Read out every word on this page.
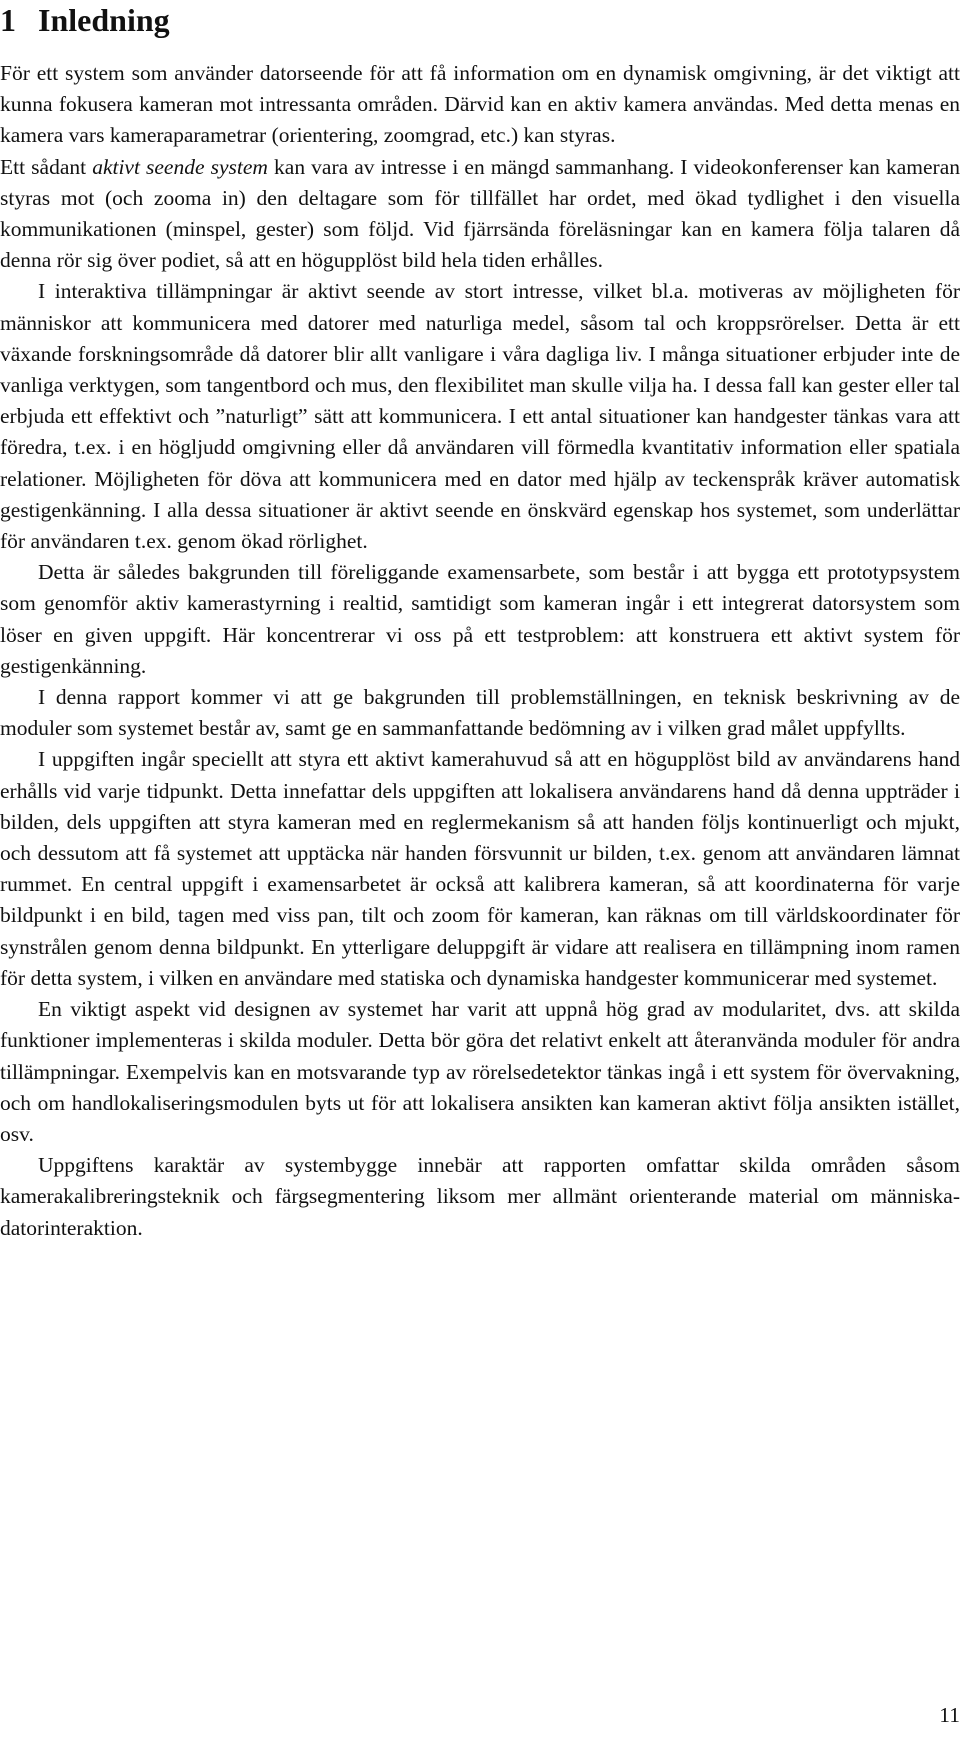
1 Inledning

För ett system som använder datorseende för att få information om en dynamisk omgivning, är det viktigt att kunna fokusera kameran mot intressanta områden. Därvid kan en aktiv kamera användas. Med detta menas en kamera vars kameraparametrar (orientering, zoomgrad, etc.) kan styras.

Ett sådant aktivt seende system kan vara av intresse i en mängd sammanhang. I videokonferenser kan kameran styras mot (och zooma in) den deltagare som för tillfället har ordet, med ökad tydlighet i den visuella kommunikationen (minspel, gester) som följd. Vid fjärrsända föreläsningar kan en kamera följa talaren då denna rör sig över podiet, så att en högupplöst bild hela tiden erhålles.

I interaktiva tillämpningar är aktivt seende av stort intresse, vilket bl.a. motiveras av möjligheten för människor att kommunicera med datorer med naturliga medel, såsom tal och kroppsrörelser. Detta är ett växande forskningsområde då datorer blir allt vanligare i våra dagliga liv. I många situationer erbjuder inte de vanliga verktygen, som tangentbord och mus, den flexibilitet man skulle vilja ha. I dessa fall kan gester eller tal erbjuda ett effektivt och ”naturligt” sätt att kommunicera. I ett antal situationer kan handgester tänkas vara att föredra, t.ex. i en högljudd omgivning eller då användaren vill förmedla kvantitativ information eller spatiala relationer. Möjligheten för döva att kommunicera med en dator med hjälp av teckenspråk kräver automatisk gestigenkänning. I alla dessa situationer är aktivt seende en önskvärd egenskap hos systemet, som underlättar för användaren t.ex. genom ökad rörlighet.

Detta är således bakgrunden till föreliggande examensarbete, som består i att bygga ett prototypsystem som genomför aktiv kamerastyrning i realtid, samtidigt som kameran ingår i ett integrerat datorsystem som löser en given uppgift. Här koncentrerar vi oss på ett testproblem: att konstruera ett aktivt system för gestigenkänning.

I denna rapport kommer vi att ge bakgrunden till problemställningen, en teknisk beskrivning av de moduler som systemet består av, samt ge en sammanfattande bedömning av i vilken grad målet uppfyllts.

I uppgiften ingår speciellt att styra ett aktivt kamerahuvud så att en högupplöst bild av användarens hand erhålls vid varje tidpunkt. Detta innefattar dels uppgiften att lokalisera användarens hand då denna uppträder i bilden, dels uppgiften att styra kameran med en reglermekanism så att handen följs kontinuerligt och mjukt, och dessutom att få systemet att upptäcka när handen försvunnit ur bilden, t.ex. genom att användaren lämnat rummet. En central uppgift i examensarbetet är också att kalibrera kameran, så att koordinaterna för varje bildpunkt i en bild, tagen med viss pan, tilt och zoom för kameran, kan räknas om till världskoordinater för synstrålen genom denna bildpunkt. En ytterligare deluppgift är vidare att realisera en tillämpning inom ramen för detta system, i vilken en användare med statiska och dynamiska handgester kommunicerar med systemet.

En viktigt aspekt vid designen av systemet har varit att uppnå hög grad av modularitet, dvs. att skilda funktioner implementeras i skilda moduler. Detta bör göra det relativt enkelt att återanvända moduler för andra tillämpningar. Exempelvis kan en motsvarande typ av rörelsedetektor tänkas ingå i ett system för övervakning, och om handlokaliseringsmodulen byts ut för att lokalisera ansikten kan kameran aktivt följa ansikten istället, osv.

Uppgiftens karaktär av systembygge innebär att rapporten omfattar skilda områden såsom kamerakalibreringsteknik och färgsegmentering liksom mer allmänt orienterande material om människa-datorinteraktion.

11
